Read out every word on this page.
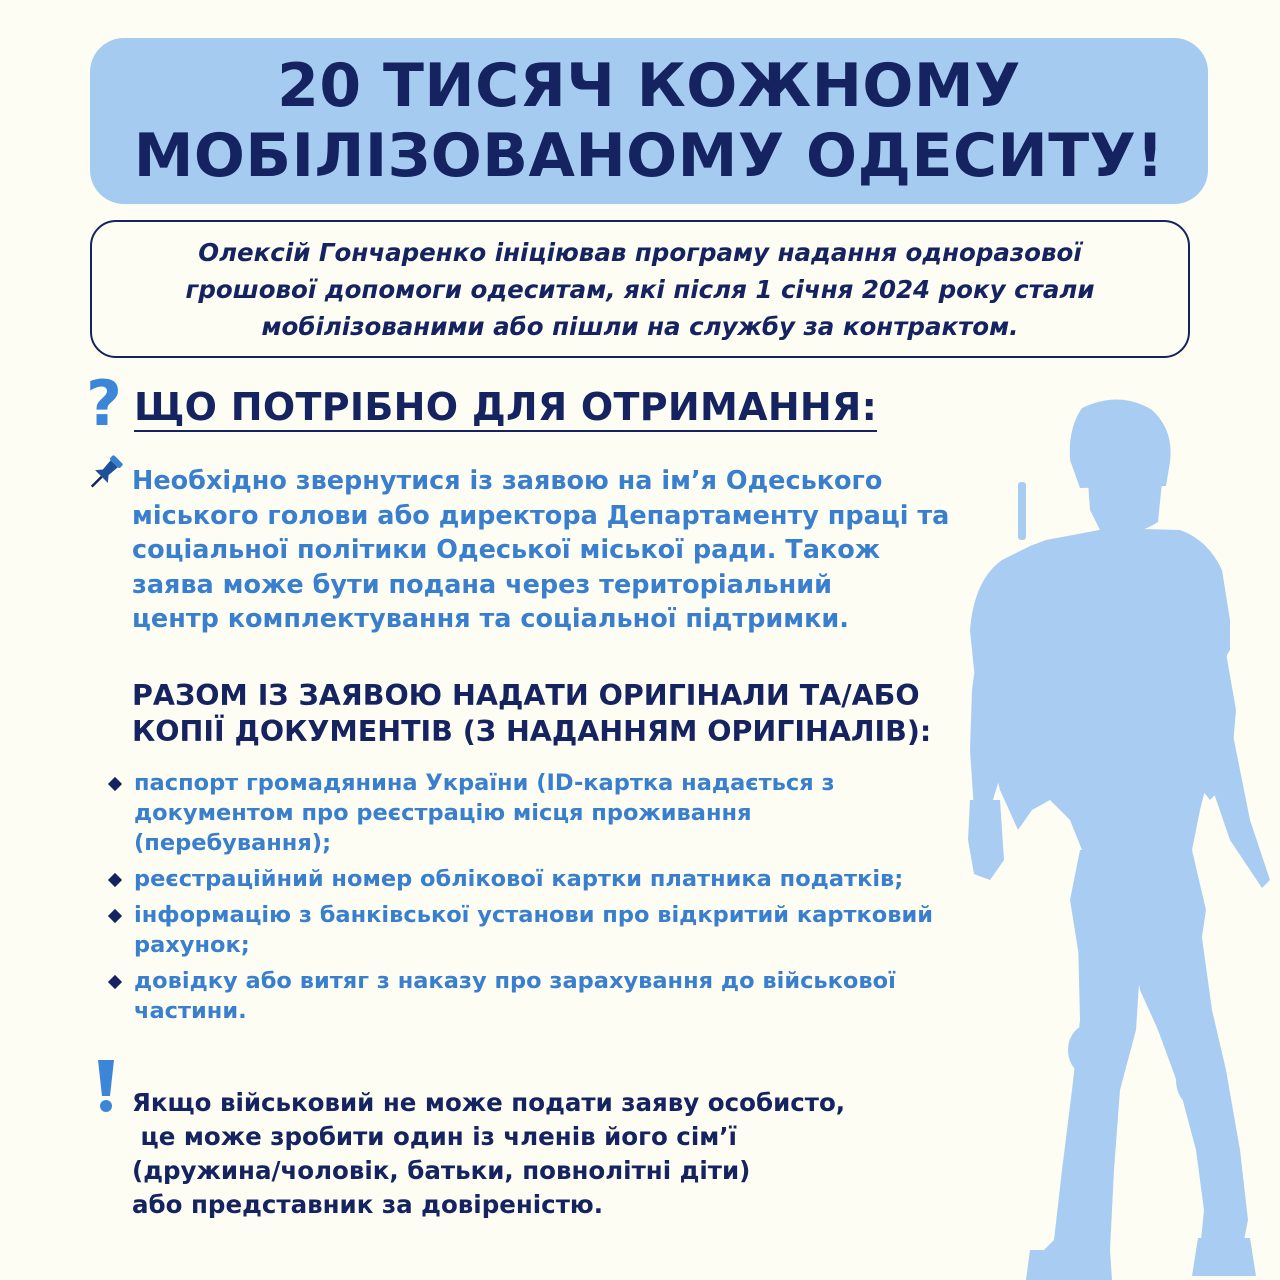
20 ТИСЯЧ КОЖНОМУ
МОБІЛІЗОВАНОМУ ОДЕСИТУ!
Олексій Гончаренко ініціював програму надання одноразової
грошової допомоги одеситам, які після 1 січня 2024 року стали
мобілізованими або пішли на службу за контрактом.
? ЩО ПОТРІБНО ДЛЯ ОТРИМАННЯ:
Необхідно звернутися із заявою на ім’я Одеського
міського голови або директора Департаменту праці та
соціальної політики Одеської міської ради. Також
заява може бути подана через територіальний
центр комплектування та соціальної підтримки.
РАЗОМ ІЗ ЗАЯВОЮ НАДАТИ ОРИГІНАЛИ ТА/АБО
КОПІЇ ДОКУМЕНТІВ (З НАДАННЯМ ОРИГІНАЛІВ):
паспорт громадянина України (ID-картка надається з
документом про реєстрацію місця проживання
(перебування);
реєстраційний номер облікової картки платника податків;
інформацію з банківської установи про відкритий картковий
рахунок;
довідку або витяг з наказу про зарахування до військової
частини.
Якщо військовий не може подати заяву особисто,
це може зробити один із членів його сім’ї
(дружина/чоловік, батьки, повнолітні діти)
або представник за довіреністю.
